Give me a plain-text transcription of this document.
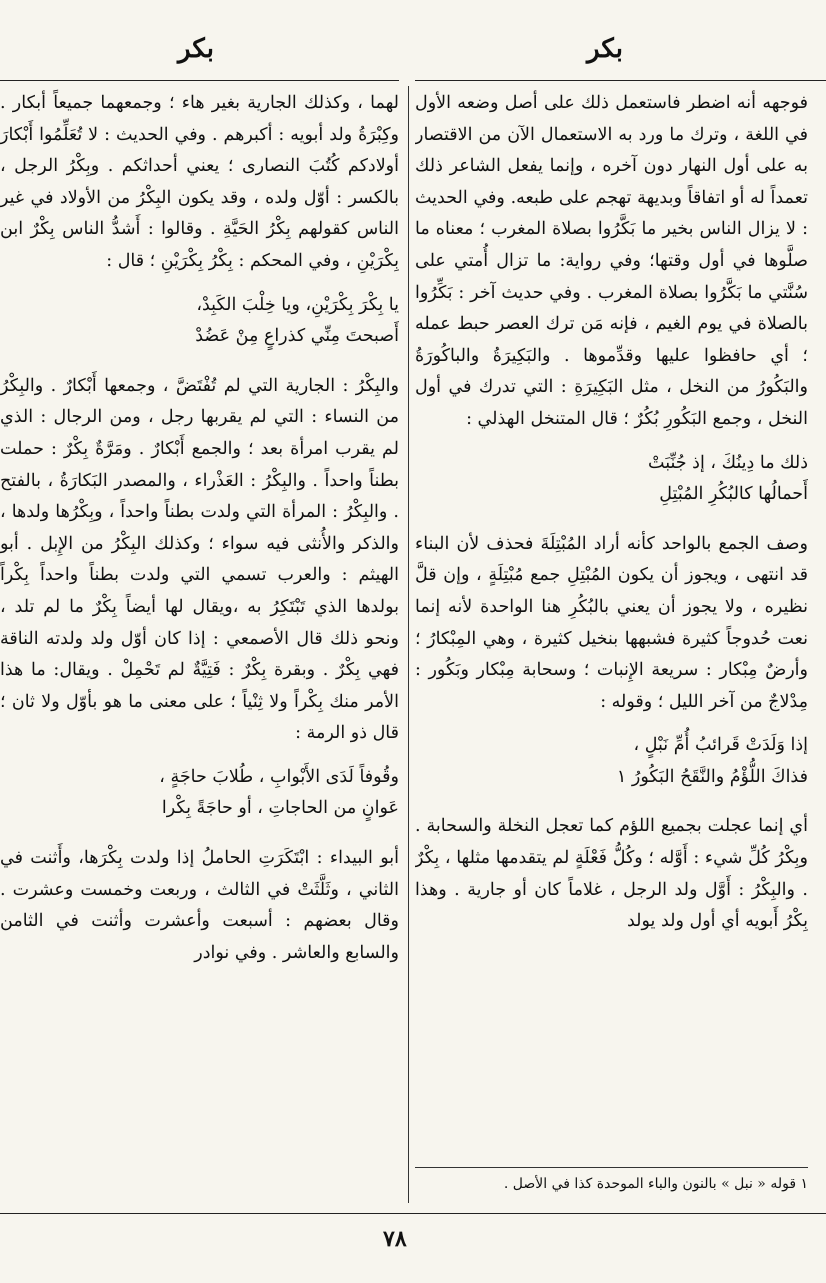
بكر
بكر

فوجهه أنه اضطر فاستعمل ذلك على أصل وضعه الأول في اللغة ، وترك ما ورد به الاستعمال الآن من الاقتصار به على أول النهار دون آخره ، وإنما يفعل الشاعر ذلك تعمداً له أو اتفاقاً وبديهة تهجم على طبعه. وفي الحديث : لا يزال الناس بخير ما بَكَّرُوا بصلاة المغرب ؛ معناه ما صلَّوها في أول وقتها؛ وفي رواية: ما تزال أُمتي على سُنَّتي ما بَكَّرُوا بصلاة المغرب . وفي حديث آخر : بَكِّرُوا بالصلاة في يوم الغيم ، فإنه مَن ترك العصر حبط عمله ؛ أي حافظوا عليها وقدِّموها . والبَكِيرَةُ والباكُورَةُ والبَكُورُ من النخل ، مثل البَكِيرَةِ : التي تدرك في أول النخل ، وجمع البَكُورِ بُكُرٌ ؛ قال المتنخل الهذلي :

ذلك ما دِينُكَ ، إذ جُنِّبَتْ

أَحمالُها كالبُكُرِ المُبْتِلِ

وصف الجمع بالواحد كأنه أراد المُبْتِلَةَ فحذف لأن البناء قد انتهى ، ويجوز أن يكون المُبْتِلِ جمع مُبْتِلَةٍ ، وإن قلَّ نظيره ، ولا يجوز أن يعني بالبُكُرِ هنا الواحدة لأنه إنما نعت حُدوجاً كثيرة فشبهها بنخيل كثيرة ، وهي المِبْكارُ ؛ وأرضٌ مِبْكار : سريعة الإِنبات ؛ وسحابة مِبْكار وبَكُور : مِدْلاجٌ من آخر الليل ؛ وقوله :

إذا وَلَدَتْ قَرائبُ أُمِّ نَبْلٍ ،

فذاكَ اللُّؤْمُ والنَّقَحُ البَكُورُ ١

أي إنما عجلت بجميع اللؤم كما تعجل النخلة والسحابة . وبِكْرُ كُلِّ شيء : أَوَّله ؛ وكُلُّ فَعْلَةٍ لم يتقدمها مثلها ، بِكْرٌ . والبِكْرُ : أَوَّل ولد الرجل ، غلاماً كان أو جارية . وهذا بِكْرُ أَبويه أي أول ولد يولد

لهما ، وكذلك الجارية بغير هاء ؛ وجمعهما جميعاً أبكار . وكِبْرَةُ ولد أبويه : أكبرهم . وفي الحديث : لا تُعَلِّمُوا أَبْكارَ أولادكم كُتُبَ النصارى ؛ يعني أحداثكم . وبِكْرُ الرجل ، بالكسر : أوّل ولده ، وقد يكون البِكْرُ من الأولاد في غير الناس كقولهم بِكْرُ الحَيَّةِ . وقالوا : أَشدُّ الناس بِكْرٌ ابن بِكْرَيْنِ ، وفي المحكم : بِكْرُ بِكْرَيْنِ ؛ قال :

يا بِكْرَ بِكْرَيْنِ، ويا خِلْبَ الكَبِدْ،

أَصبحتَ مِنِّي كذراعٍ مِنْ عَضُدْ

والبِكْرُ : الجارية التي لم تُفْتَضَّ ، وجمعها أَبْكارٌ . والبِكْرُ من النساء : التي لم يقربها رجل ، ومن الرجال : الذي لم يقرب امرأة بعد ؛ والجمع أَبْكارٌ . ومَرَّةٌ بِكْرٌ : حملت بطناً واحداً . والبِكْرُ : العَذْراء ، والمصدر البَكارَةُ ، بالفتح . والبِكْرُ : المرأة التي ولدت بطناً واحداً ، وبِكْرُها ولدها ، والذكر والأُنثى فيه سواء ؛ وكذلك البِكْرُ من الإِبل . أبو الهيثم : والعرب تسمي التي ولدت بطناً واحداً بِكْراً بولدها الذي تَبْتَكِرُ به ،ويقال لها أيضاً بِكْرٌ ما لم تلد ، ونحو ذلك قال الأصمعي : إذا كان أوّل ولد ولدته الناقة فهي بِكْرٌ . وبقرة بِكْرٌ : فَتِيَّةٌ لم تَحْمِلْ . ويقال: ما هذا الأمر منك بِكْراً ولا ثِنْياً ؛ على معنى ما هو بأوّل ولا ثان ؛ قال ذو الرمة :

وقُوفاً لَدَى الأَبْوابِ ، طُلابَ حاجَةٍ ،

عَوانٍ من الحاجاتِ ، أو حاجَةً بِكْرا

أبو البيداء : ابْتَكَرَتِ الحاملُ إذا ولدت بِكْرَها، وأَثنت في الثاني ، وثَلَّثَتْ في الثالث ، وربعت وخمست وعشرت . وقال بعضهم : أسبعت وأعشرت وأثنت في الثامن والسابع والعاشر . وفي نوادر

١ قوله « نبل » بالنون والباء الموحدة كذا في الأصل .
٧٨
